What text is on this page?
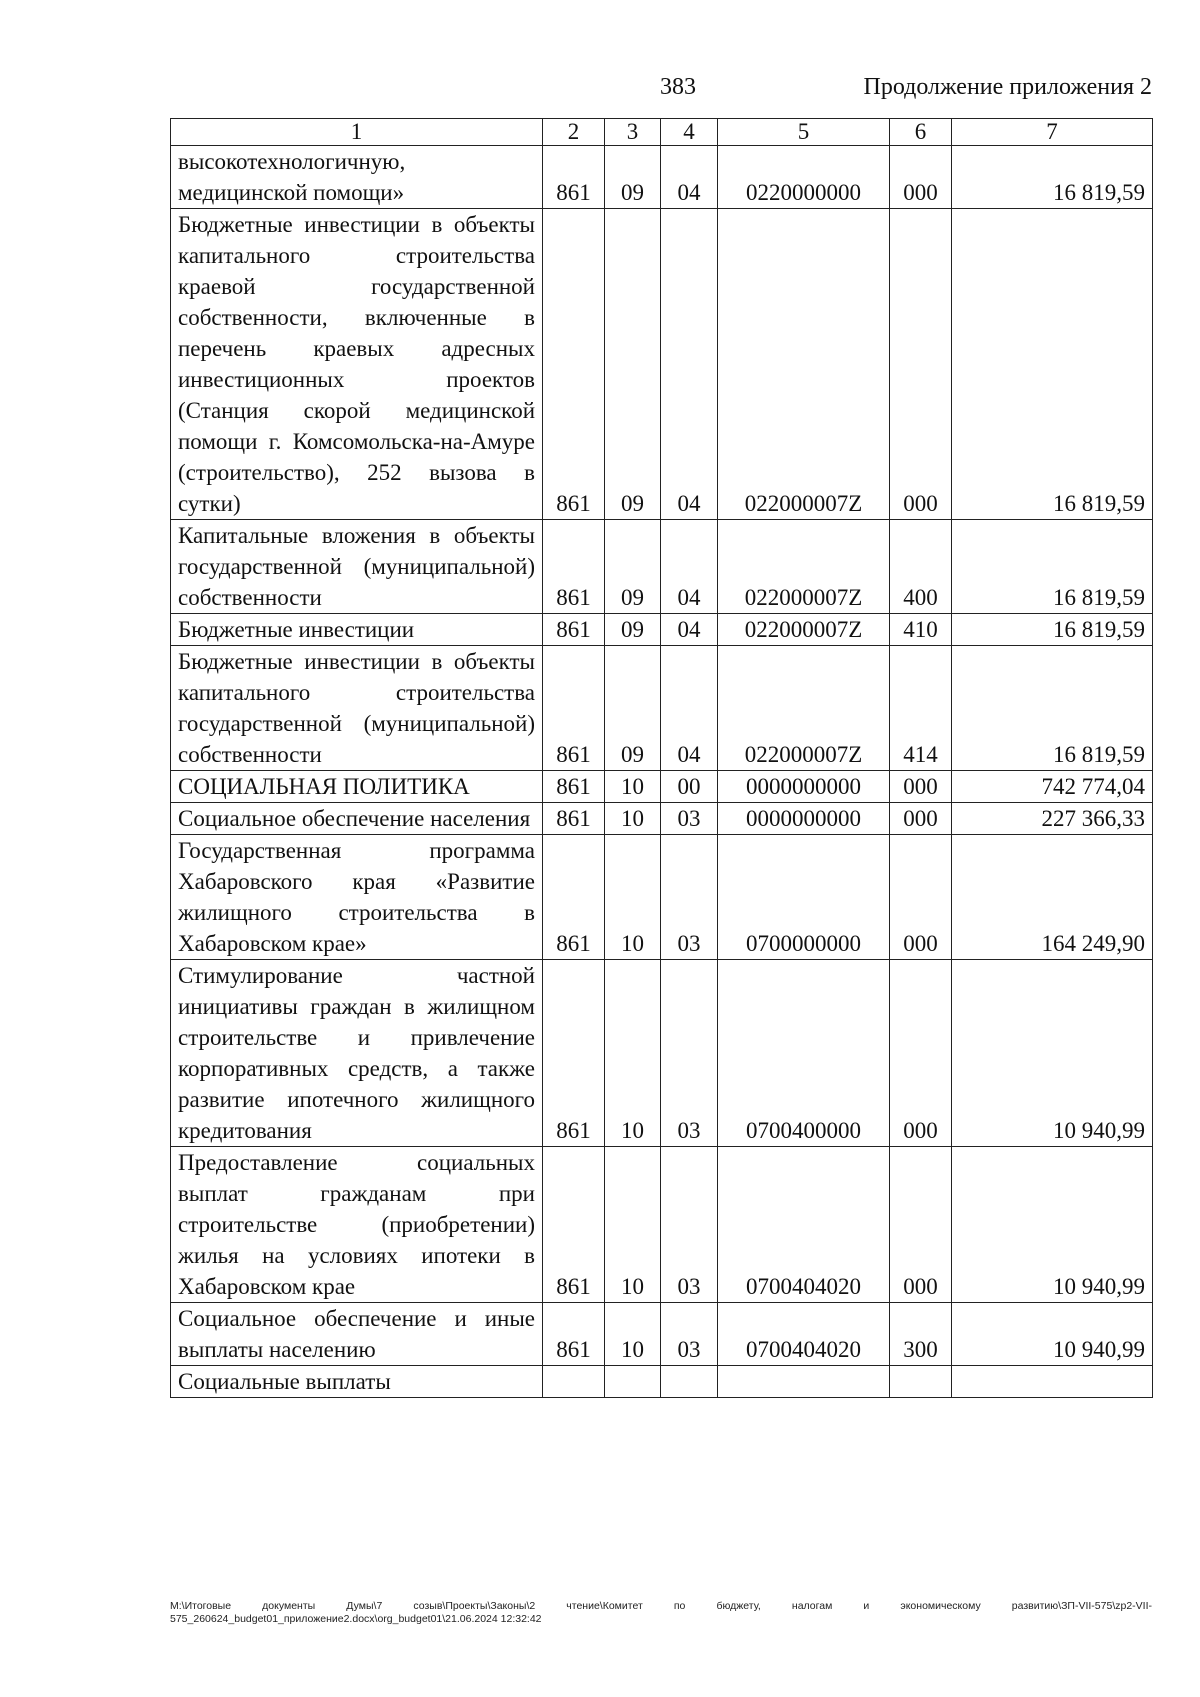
383	Продолжение приложения 2
1	2	3	4	5	6	7
высокотехнологичную, медицинской помощи»	861	09	04	0220000000	000	16 819,59
Бюджетные инвестиции в объекты капитального строительства краевой государственной собственности, включенные в перечень краевых адресных инвестиционных проектов (Станция скорой медицинской помощи г. Комсомольска-на-Амуре (строительство), 252 вызова в сутки)	861	09	04	022000007Z	000	16 819,59
Капитальные вложения в объекты государственной (муниципальной) собственности	861	09	04	022000007Z	400	16 819,59
Бюджетные инвестиции	861	09	04	022000007Z	410	16 819,59
Бюджетные инвестиции в объекты капитального строительства государственной (муниципальной) собственности	861	09	04	022000007Z	414	16 819,59
СОЦИАЛЬНАЯ ПОЛИТИКА	861	10	00	0000000000	000	742 774,04
Социальное обеспечение населения	861	10	03	0000000000	000	227 366,33
Государственная программа Хабаровского края «Развитие жилищного строительства в Хабаровском крае»	861	10	03	0700000000	000	164 249,90
Стимулирование частной инициативы граждан в жилищном строительстве и привлечение корпоративных средств, а также развитие ипотечного жилищного кредитования	861	10	03	0700400000	000	10 940,99
Предоставление социальных выплат гражданам при строительстве (приобретении) жилья на условиях ипотеки в Хабаровском крае	861	10	03	0700404020	000	10 940,99
Социальное обеспечение и иные выплаты населению	861	10	03	0700404020	300	10 940,99
Социальные выплаты						
M:\Итоговые документы Думы\7 созыв\Проекты\Законы\2 чтение\Комитет по бюджету, налогам и экономическому развитию\ЗП-VII-575\zp2-VII-575_260624_budget01_приложение2.docx\org_budget01\21.06.2024 12:32:42
